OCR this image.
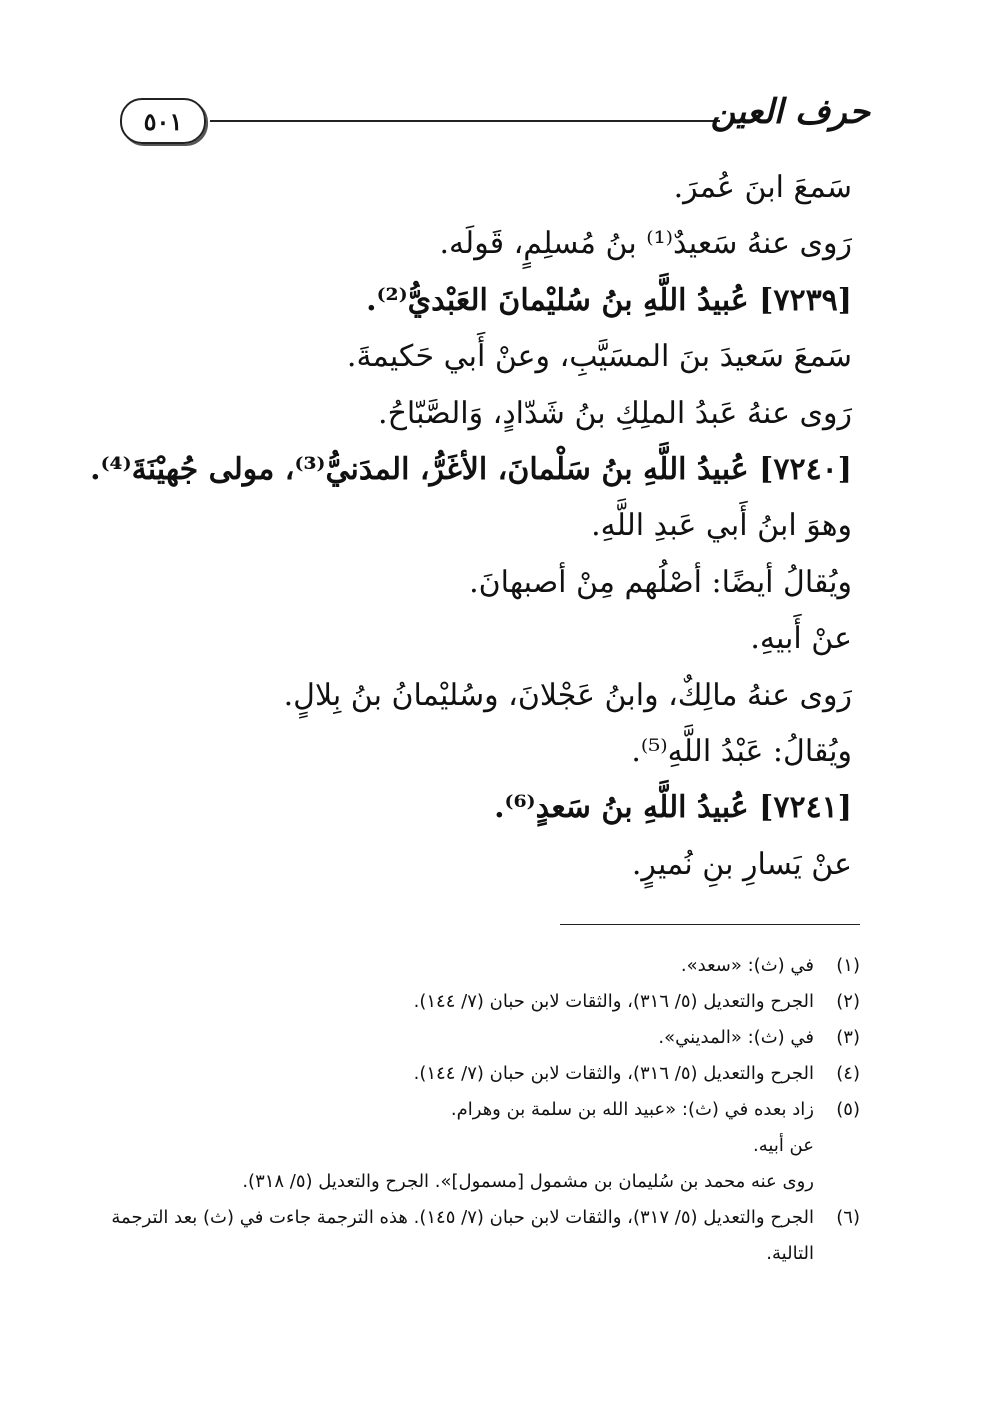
٥٠١	حرف العين
سَمعَ ابنَ عُمرَ.
رَوى عنهُ سَعيدٌ⁽¹⁾ بنُ مُسلِمٍ، قَولَه.
[٧٢٣٩] عُبيدُ اللَّهِ بنُ سُليْمانَ العَبْديُّ⁽²⁾.
سَمعَ سَعيدَ بنَ المسَيَّبِ، وعنْ أَبي حَكيمةَ.
رَوى عنهُ عَبدُ الملِكِ بنُ شَدّادٍ، وَالصَّبّاحُ.
[٧٢٤٠] عُبيدُ اللَّهِ بنُ سَلْمانَ، الأغَرُّ، المدَنيُّ⁽³⁾، مولى جُهيْنَةَ⁽⁴⁾.
وهوَ ابنُ أَبي عَبدِ اللَّهِ.
ويُقالُ أيضًا: أصْلُهم مِنْ أصبهانَ.
عنْ أَبيهِ.
رَوى عنهُ مالِكٌ، وابنُ عَجْلانَ، وسُليْمانُ بنُ بِلالٍ.
ويُقالُ: عَبْدُ اللَّهِ⁽⁵⁾.
[٧٢٤١] عُبيدُ اللَّهِ بنُ سَعدٍ⁽⁶⁾.
عنْ يَسارِ بنِ نُميرٍ.
(١)
في (ث): «سعد».
(٢)
الجرح والتعديل (٥/ ٣١٦)، والثقات لابن حبان (٧/ ١٤٤).
(٣)
في (ث): «المديني».
(٤)
الجرح والتعديل (٥/ ٣١٦)، والثقات لابن حبان (٧/ ١٤٤).
(٥)
زاد بعده في (ث): «عبيد الله بن سلمة بن وهرام.
عن أبيه.
روى عنه محمد بن سُليمان بن مشمول [مسمول]». الجرح والتعديل (٥/ ٣١٨).
(٦)
الجرح والتعديل (٥/ ٣١٧)، والثقات لابن حبان (٧/ ١٤٥). هذه الترجمة جاءت في (ث) بعد الترجمة التالية.
